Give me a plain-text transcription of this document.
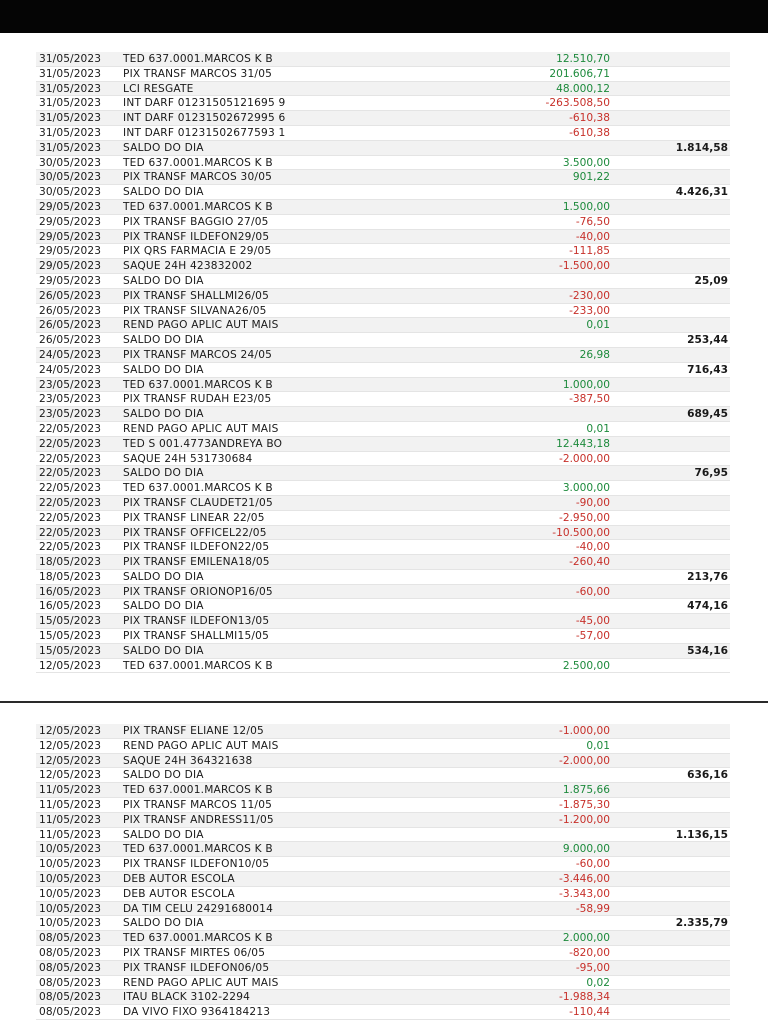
31/05/2023 TED 637.0001.MARCOS K B	12.510,70
31/05/2023 PIX TRANSF MARCOS 31/05	201.606,71
31/05/2023 LCI RESGATE	48.000,12
31/05/2023 INT DARF 01231505121695 9	-263.508,50
31/05/2023 INT DARF 01231502672995 6	-610,38
31/05/2023 INT DARF 01231502677593 1	-610,38
31/05/2023 SALDO DO DIA	1.814,58
30/05/2023 TED 637.0001.MARCOS K B	3.500,00
30/05/2023 PIX TRANSF MARCOS 30/05	901,22
30/05/2023 SALDO DO DIA	4.426,31
29/05/2023 TED 637.0001.MARCOS K B	1.500,00
29/05/2023 PIX TRANSF BAGGIO 27/05	-76,50
29/05/2023 PIX TRANSF ILDEFON29/05	-40,00
29/05/2023 PIX QRS FARMACIA E 29/05	-111,85
29/05/2023 SAQUE 24H 423832002	-1.500,00
29/05/2023 SALDO DO DIA	25,09
26/05/2023 PIX TRANSF SHALLMI26/05	-230,00
26/05/2023 PIX TRANSF SILVANA26/05	-233,00
26/05/2023 REND PAGO APLIC AUT MAIS	0,01
26/05/2023 SALDO DO DIA	253,44
24/05/2023 PIX TRANSF MARCOS 24/05	26,98
24/05/2023 SALDO DO DIA	716,43
23/05/2023 TED 637.0001.MARCOS K B	1.000,00
23/05/2023 PIX TRANSF RUDAH E23/05	-387,50
23/05/2023 SALDO DO DIA	689,45
22/05/2023 REND PAGO APLIC AUT MAIS	0,01
22/05/2023 TED S 001.4773ANDREYA BO	12.443,18
22/05/2023 SAQUE 24H 531730684	-2.000,00
22/05/2023 SALDO DO DIA	76,95
22/05/2023 TED 637.0001.MARCOS K B	3.000,00
22/05/2023 PIX TRANSF CLAUDET21/05	-90,00
22/05/2023 PIX TRANSF LINEAR 22/05	-2.950,00
22/05/2023 PIX TRANSF OFFICEL22/05	-10.500,00
22/05/2023 PIX TRANSF ILDEFON22/05	-40,00
18/05/2023 PIX TRANSF EMILENA18/05	-260,40
18/05/2023 SALDO DO DIA	213,76
16/05/2023 PIX TRANSF ORIONOP16/05	-60,00
16/05/2023 SALDO DO DIA	474,16
15/05/2023 PIX TRANSF ILDEFON13/05	-45,00
15/05/2023 PIX TRANSF SHALLMI15/05	-57,00
15/05/2023 SALDO DO DIA	534,16
12/05/2023 TED 637.0001.MARCOS K B	2.500,00
12/05/2023 PIX TRANSF ELIANE 12/05	-1.000,00
12/05/2023 REND PAGO APLIC AUT MAIS	0,01
12/05/2023 SAQUE 24H 364321638	-2.000,00
12/05/2023 SALDO DO DIA	636,16
11/05/2023 TED 637.0001.MARCOS K B	1.875,66
11/05/2023 PIX TRANSF MARCOS 11/05	-1.875,30
11/05/2023 PIX TRANSF ANDRESS11/05	-1.200,00
11/05/2023 SALDO DO DIA	1.136,15
10/05/2023 TED 637.0001.MARCOS K B	9.000,00
10/05/2023 PIX TRANSF ILDEFON10/05	-60,00
10/05/2023 DEB AUTOR ESCOLA	-3.446,00
10/05/2023 DEB AUTOR ESCOLA	-3.343,00
10/05/2023 DA TIM CELU 24291680014	-58,99
10/05/2023 SALDO DO DIA	2.335,79
08/05/2023 TED 637.0001.MARCOS K B	2.000,00
08/05/2023 PIX TRANSF MIRTES 06/05	-820,00
08/05/2023 PIX TRANSF ILDEFON06/05	-95,00
08/05/2023 REND PAGO APLIC AUT MAIS	0,02
08/05/2023 ITAU BLACK 3102-2294	-1.988,34
08/05/2023 DA VIVO FIXO 9364184213	-110,44
